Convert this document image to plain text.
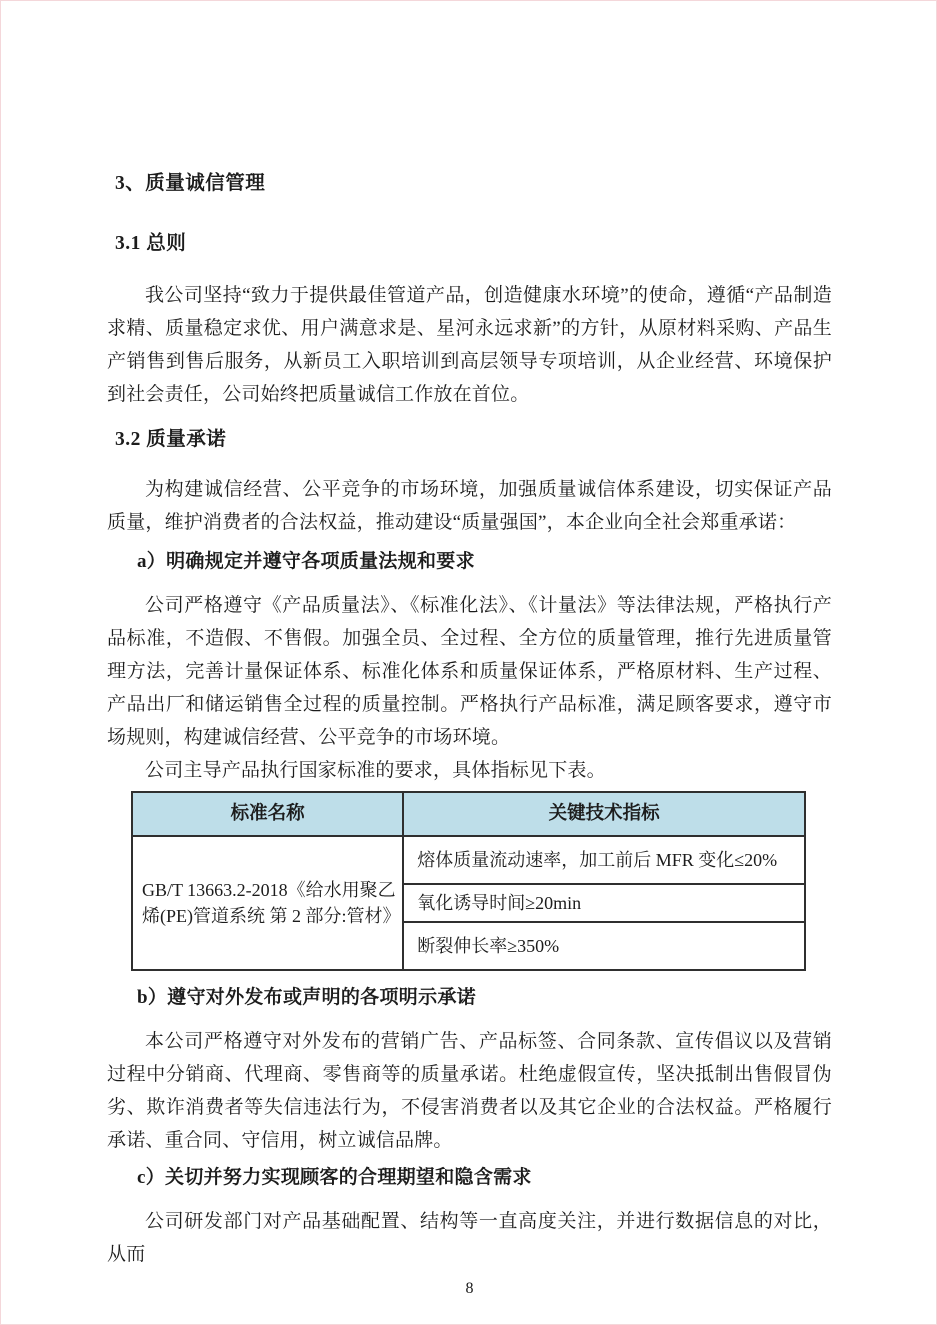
3、质量诚信管理
3.1 总则

我公司坚持“致力于提供最佳管道产品，创造健康水环境”的使命，遵循“产品制造求精、质量稳定求优、用户满意求是、星河永远求新”的方针，从原材料采购、产品生产销售到售后服务，从新员工入职培训到高层领导专项培训，从企业经营、环境保护到社会责任，公司始终把质量诚信工作放在首位。

3.2 质量承诺

为构建诚信经营、公平竞争的市场环境，加强质量诚信体系建设，切实保证产品质量，维护消费者的合法权益，推动建设“质量强国”，本企业向全社会郑重承诺：

a）明确规定并遵守各项质量法规和要求

公司严格遵守《产品质量法》、《标准化法》、《计量法》等法律法规，严格执行产品标准，不造假、不售假。加强全员、全过程、全方位的质量管理，推行先进质量管理方法，完善计量保证体系、标准化体系和质量保证体系，严格原材料、生产过程、产品出厂和储运销售全过程的质量控制。严格执行产品标准，满足顾客要求，遵守市场规则，构建诚信经营、公平竞争的市场环境。

公司主导产品执行国家标准的要求，具体指标见下表。

标准名称	关键技术指标
GB/T 13663.2-2018《给水用聚乙烯(PE)管道系统 第 2 部分:管材》	熔体质量流动速率，加工前后 MFR 变化≤20%
	氧化诱导时间≥20min
	断裂伸长率≥350%
b）遵守对外发布或声明的各项明示承诺

本公司严格遵守对外发布的营销广告、产品标签、合同条款、宣传倡议以及营销过程中分销商、代理商、零售商等的质量承诺。杜绝虚假宣传，坚决抵制出售假冒伪劣、欺诈消费者等失信违法行为，不侵害消费者以及其它企业的合法权益。严格履行承诺、重合同、守信用，树立诚信品牌。

c）关切并努力实现顾客的合理期望和隐含需求

公司研发部门对产品基础配置、结构等一直高度关注，并进行数据信息的对比，从而

8
